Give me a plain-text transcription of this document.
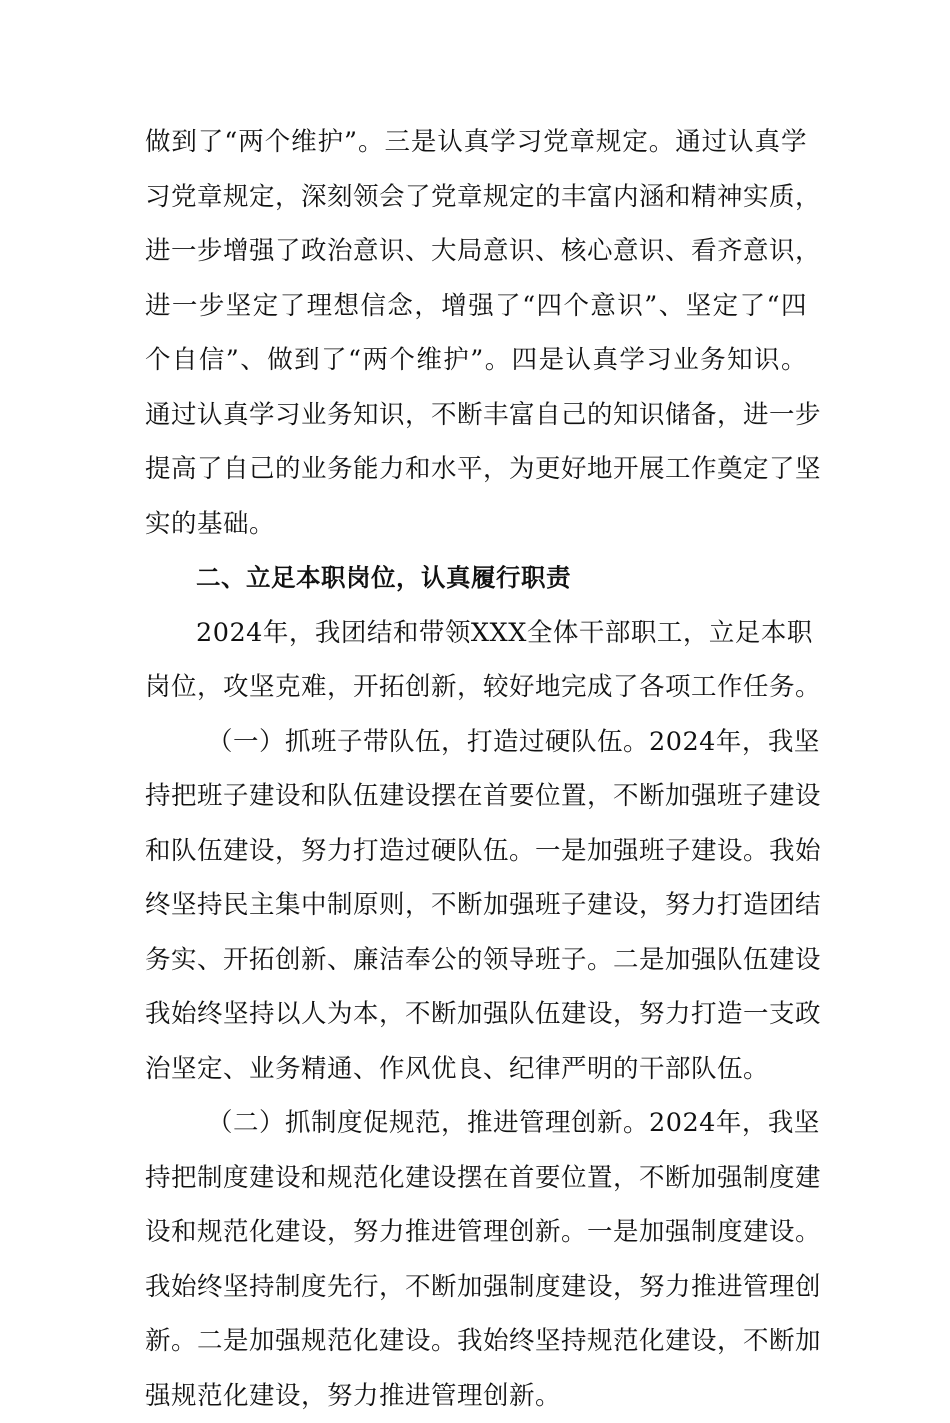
做到了“两个维护”。三是认真学习党章规定。通过认真学
习党章规定，深刻领会了党章规定的丰富内涵和精神实质，
进一步增强了政治意识、大局意识、核心意识、看齐意识，
进一步坚定了理想信念，增强了“四个意识”、坚定了“四
个自信”、做到了“两个维护”。四是认真学习业务知识。
通过认真学习业务知识，不断丰富自己的知识储备，进一步
提高了自己的业务能力和水平，为更好地开展工作奠定了坚
实的基础。
二、立足本职岗位，认真履行职责
2024年，我团结和带领XXX全体干部职工，立足本职
岗位，攻坚克难，开拓创新，较好地完成了各项工作任务。
（一）抓班子带队伍，打造过硬队伍。2024年，我坚
持把班子建设和队伍建设摆在首要位置，不断加强班子建设
和队伍建设，努力打造过硬队伍。一是加强班子建设。我始
终坚持民主集中制原则，不断加强班子建设，努力打造团结
务实、开拓创新、廉洁奉公的领导班子。二是加强队伍建设
我始终坚持以人为本，不断加强队伍建设，努力打造一支政
治坚定、业务精通、作风优良、纪律严明的干部队伍。
（二）抓制度促规范，推进管理创新。2024年，我坚
持把制度建设和规范化建设摆在首要位置，不断加强制度建
设和规范化建设，努力推进管理创新。一是加强制度建设。
我始终坚持制度先行，不断加强制度建设，努力推进管理创
新。二是加强规范化建设。我始终坚持规范化建设，不断加
强规范化建设，努力推进管理创新。
